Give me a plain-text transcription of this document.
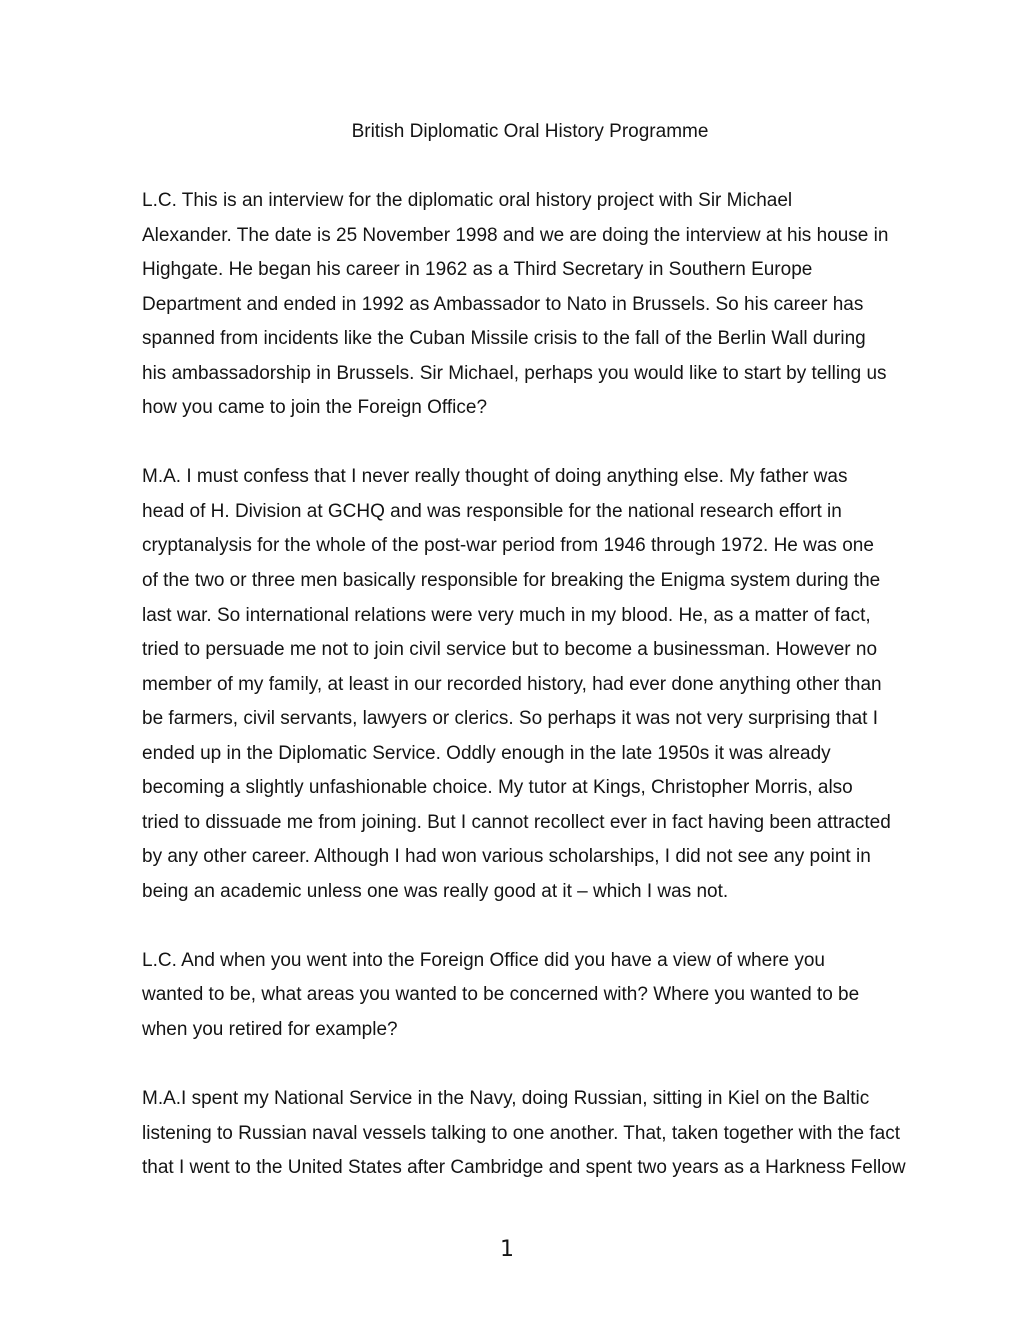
British Diplomatic Oral History Programme
L.C. This is an interview for the diplomatic oral history project with Sir Michael
Alexander. The date is 25 November 1998 and we are doing the interview at his house in
Highgate. He began his career in 1962 as a Third Secretary in Southern Europe
Department and ended in 1992 as Ambassador to Nato in Brussels. So his career has
spanned from incidents like the Cuban Missile crisis to the fall of the Berlin Wall during
his ambassadorship in Brussels. Sir Michael, perhaps you would like to start by telling us
how you came to join the Foreign Office?
M.A. I must confess that I never really thought of doing anything else. My father was
head of H. Division at GCHQ and was responsible for the national research effort in
cryptanalysis for the whole of the post-war period from 1946 through 1972. He was one
of the two or three men basically responsible for breaking the Enigma system during the
last war. So international relations were very much in my blood. He, as a matter of fact,
tried to persuade me not to join civil service but to become a businessman. However no
member of my family, at least in our recorded history, had ever done anything other than
be farmers, civil servants, lawyers or clerics. So perhaps it was not very surprising that I
ended up in the Diplomatic Service. Oddly enough in the late 1950s it was already
becoming a slightly unfashionable choice. My tutor at Kings, Christopher Morris, also
tried to dissuade me from joining. But I cannot recollect ever in fact having been attracted
by any other career. Although I had won various scholarships, I did not see any point in
being an academic unless one was really good at it – which I was not.
L.C. And when you went into the Foreign Office did you have a view of where you
wanted to be, what areas you wanted to be concerned with? Where you wanted to be
when you retired for example?
M.A.I spent my National Service in the Navy, doing Russian, sitting in Kiel on the Baltic
listening to Russian naval vessels talking to one another. That, taken together with the fact
that I went to the United States after Cambridge and spent two years as a Harkness Fellow
1
